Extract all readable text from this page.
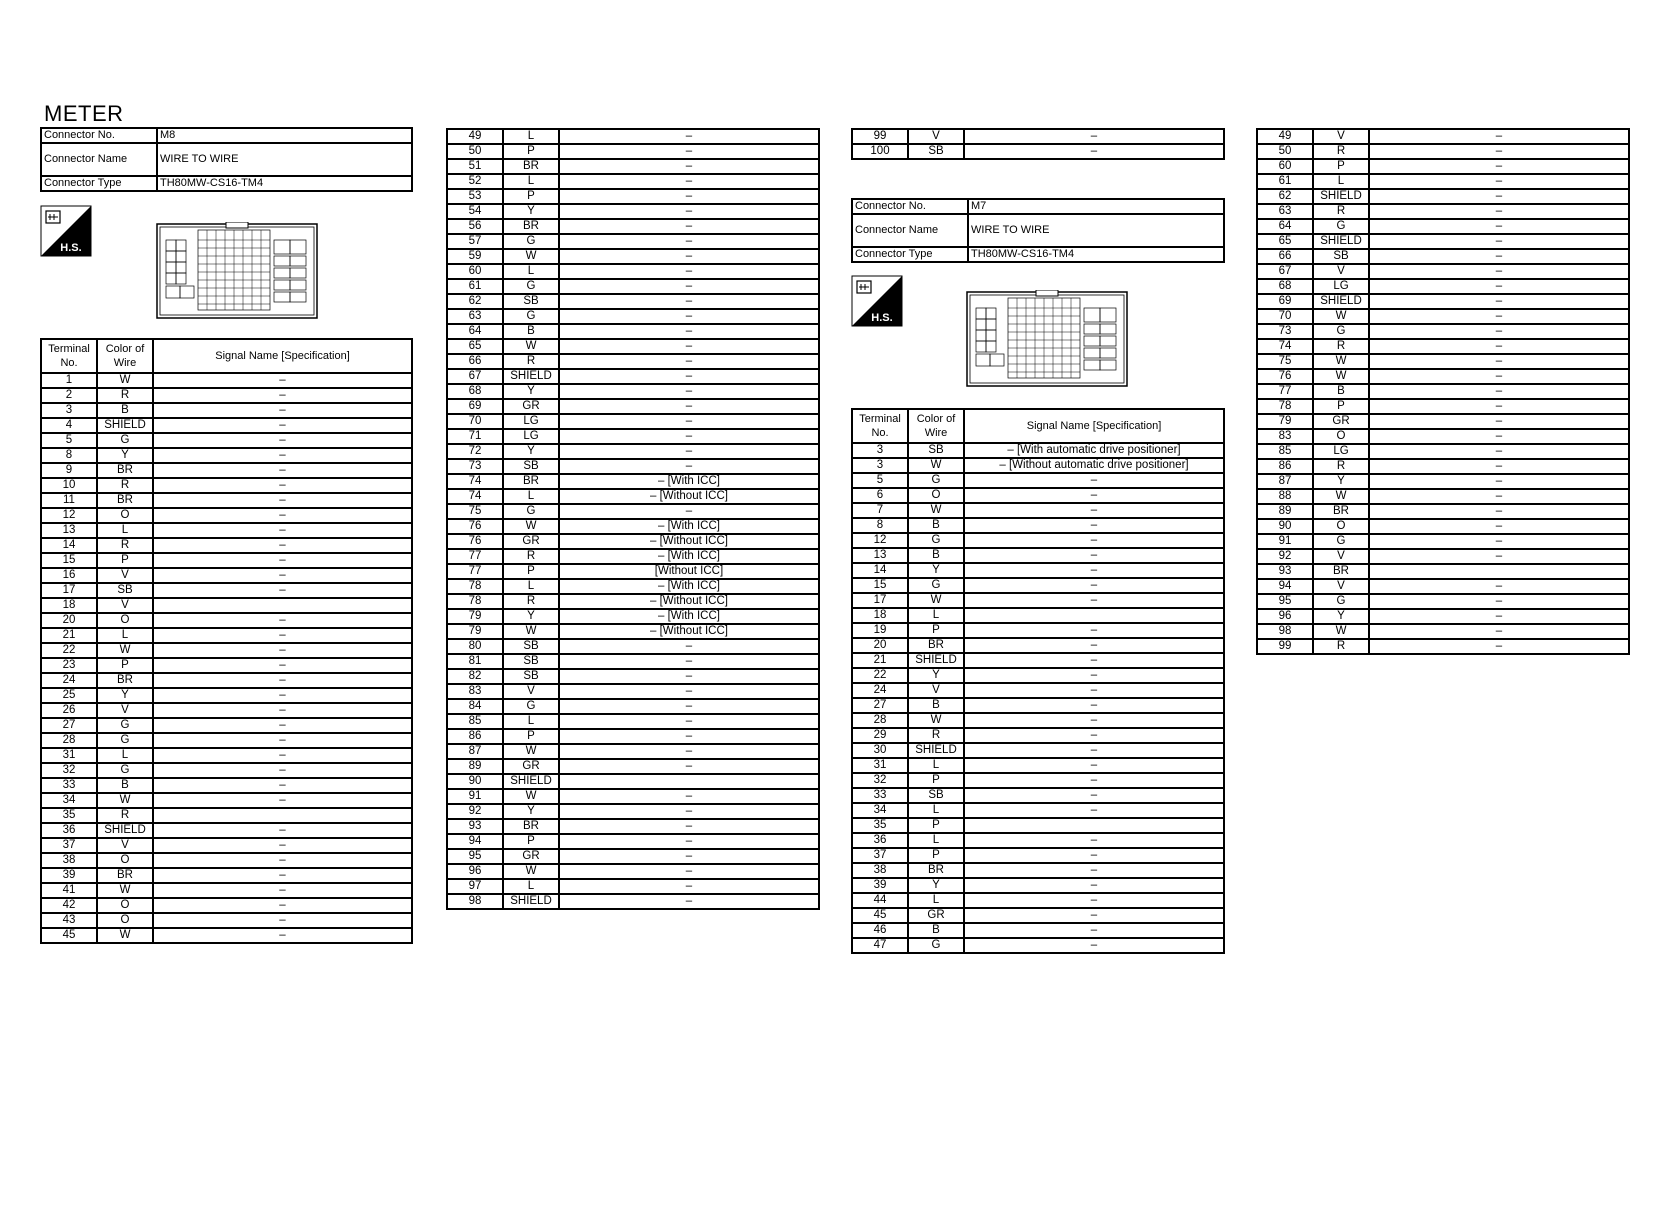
METER
Connector No.	M8
Connector Name	WIRE TO WIRE
Connector Type	TH80MW-CS16-TM4
H.S.
Terminal No.	Color of Wire	Signal Name [Specification]
1	W	–
2	R	–
3	B	–
4	SHIELD	–
5	G	–
8	Y	–
9	BR	–
10	R	–
11	BR	–
12	O	–
13	L	–
14	R	–
15	P	–
16	V	–
17	SB	–
18	V	
20	O	–
21	L	–
22	W	–
23	P	–
24	BR	–
25	Y	–
26	V	–
27	G	–
28	G	–
31	L	–
32	G	–
33	B	–
34	W	–
35	R	
36	SHIELD	–
37	V	–
38	O	–
39	BR	–
41	W	–
42	O	–
43	O	–
45	W	–
49	L	–
50	P	–
51	BR	–
52	L	–
53	P	–
54	Y	–
56	BR	–
57	G	–
59	W	–
60	L	–
61	G	–
62	SB	–
63	G	–
64	B	–
65	W	–
66	R	–
67	SHIELD	–
68	Y	–
69	GR	–
70	LG	–
71	LG	–
72	Y	–
73	SB	–
74	BR	– [With ICC]
74	L	– [Without ICC]
75	G	–
76	W	– [With ICC]
76	GR	– [Without ICC]
77	R	– [With ICC]
77	P	[Without ICC]
78	L	– [With ICC]
78	R	– [Without ICC]
79	Y	– [With ICC]
79	W	– [Without ICC]
80	SB	–
81	SB	–
82	SB	–
83	V	–
84	G	–
85	L	–
86	P	–
87	W	–
89	GR	–
90	SHIELD	
91	W	–
92	Y	–
93	BR	–
94	P	–
95	GR	–
96	W	–
97	L	–
98	SHIELD	–
99	V	–
100	SB	–
Connector No.	M7
Connector Name	WIRE TO WIRE
Connector Type	TH80MW-CS16-TM4
H.S.
Terminal No.	Color of Wire	Signal Name [Specification]
3	SB	– [With automatic drive positioner]
3	W	– [Without automatic drive positioner]
5	G	–
6	O	–
7	W	–
8	B	–
12	G	–
13	B	–
14	Y	–
15	G	–
17	W	–
18	L	
19	P	–
20	BR	–
21	SHIELD	–
22	Y	–
24	V	–
27	B	–
28	W	–
29	R	–
30	SHIELD	–
31	L	–
32	P	–
33	SB	–
34	L	–
35	P	
36	L	–
37	P	–
38	BR	–
39	Y	–
44	L	–
45	GR	–
46	B	–
47	G	–
49	V	–
50	R	–
60	P	–
61	L	–
62	SHIELD	–
63	R	–
64	G	–
65	SHIELD	–
66	SB	–
67	V	–
68	LG	–
69	SHIELD	–
70	W	–
73	G	–
74	R	–
75	W	–
76	W	–
77	B	–
78	P	–
79	GR	–
83	O	–
85	LG	–
86	R	–
87	Y	–
88	W	–
89	BR	–
90	O	–
91	G	–
92	V	–
93	BR	
94	V	–
95	G	–
96	Y	–
98	W	–
99	R	–
